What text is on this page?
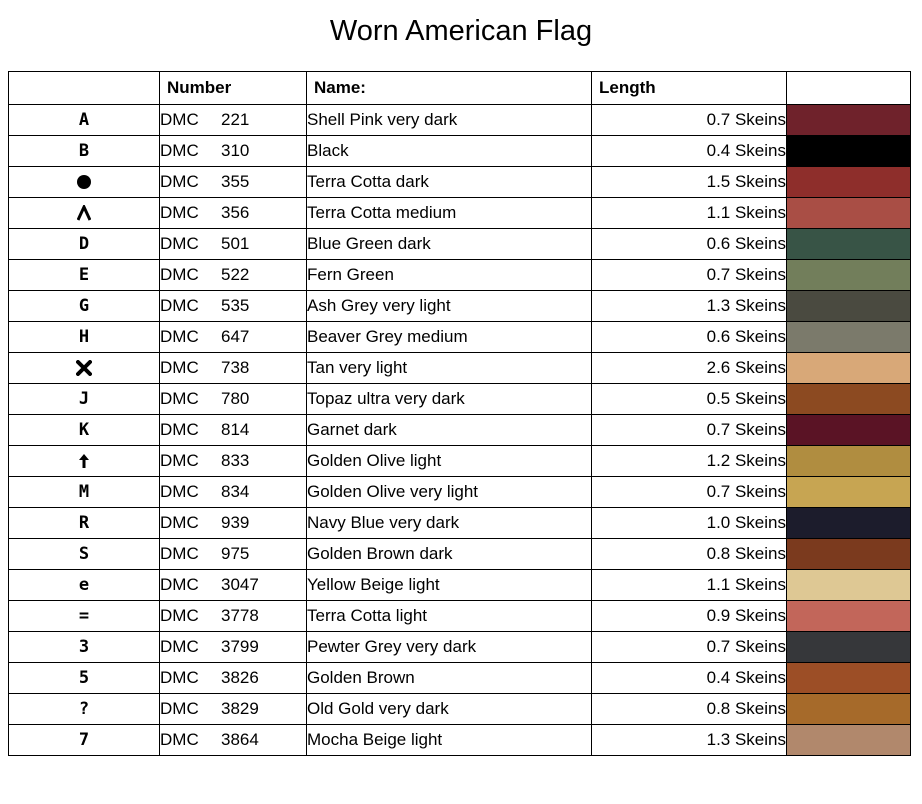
Worn American Flag
	Number	Name:	Length	
A	DMC 221	Shell Pink very dark	0.7 Skeins	

B	DMC 310	Black	0.4 Skeins	

	DMC 355	Terra Cotta dark	1.5 Skeins	

	DMC 356	Terra Cotta medium	1.1 Skeins	

D	DMC 501	Blue Green dark	0.6 Skeins	

E	DMC 522	Fern Green	0.7 Skeins	

G	DMC 535	Ash Grey very light	1.3 Skeins	

H	DMC 647	Beaver Grey medium	0.6 Skeins	

	DMC 738	Tan very light	2.6 Skeins	

J	DMC 780	Topaz ultra very dark	0.5 Skeins	

K	DMC 814	Garnet dark	0.7 Skeins	

	DMC 833	Golden Olive light	1.2 Skeins	

M	DMC 834	Golden Olive very light	0.7 Skeins	

R	DMC 939	Navy Blue very dark	1.0 Skeins	

S	DMC 975	Golden Brown dark	0.8 Skeins	

e	DMC 3047	Yellow Beige light	1.1 Skeins	

=	DMC 3778	Terra Cotta light	0.9 Skeins	

3	DMC 3799	Pewter Grey very dark	0.7 Skeins	

5	DMC 3826	Golden Brown	0.4 Skeins	

?	DMC 3829	Old Gold very dark	0.8 Skeins	

7	DMC 3864	Mocha Beige light	1.3 Skeins	
